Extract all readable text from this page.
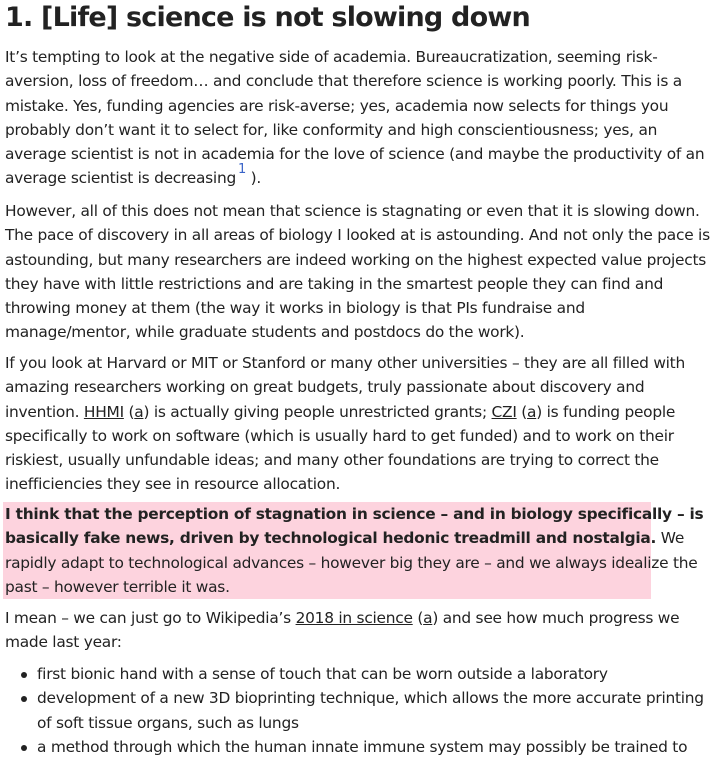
1. [Life] science is not slowing down
It’s tempting to look at the negative side of academia. Bureaucratization, seeming risk-
aversion, loss of freedom… and conclude that therefore science is working poorly. This is a
mistake. Yes, funding agencies are risk-averse; yes, academia now selects for things you
probably don’t want it to select for, like conformity and high conscientiousness; yes, an
average scientist is not in academia for the love of science (and maybe the productivity of an
average scientist is decreasing $^1$ ).
However, all of this does not mean that science is stagnating or even that it is slowing down.
The pace of discovery in all areas of biology I looked at is astounding. And not only the pace is
astounding, but many researchers are indeed working on the highest expected value projects
they have with little restrictions and are taking in the smartest people they can find and
throwing money at them (the way it works in biology is that PIs fundraise and
manage/mentor, while graduate students and postdocs do the work).
If you look at Harvard or MIT or Stanford or many other universities – they are all filled with
amazing researchers working on great budgets, truly passionate about discovery and
invention. HHMI (a) is actually giving people unrestricted grants; CZI (a) is funding people
specifically to work on software (which is usually hard to get funded) and to work on their
riskiest, usually unfundable ideas; and many other foundations are trying to correct the
inefficiencies they see in resource allocation.
I think that the perception of stagnation in science – and in biology specifically – is
basically fake news, driven by technological hedonic treadmill and nostalgia. We
rapidly adapt to technological advances – however big they are – and we always idealize the
past – however terrible it was.
I mean – we can just go to Wikipedia’s 2018 in science (a) and see how much progress we
made last year:
first bionic hand with a sense of touch that can be worn outside a laboratory
development of a new 3D bioprinting technique, which allows the more accurate printing
of soft tissue organs, such as lungs
a method through which the human innate immune system may possibly be trained to
